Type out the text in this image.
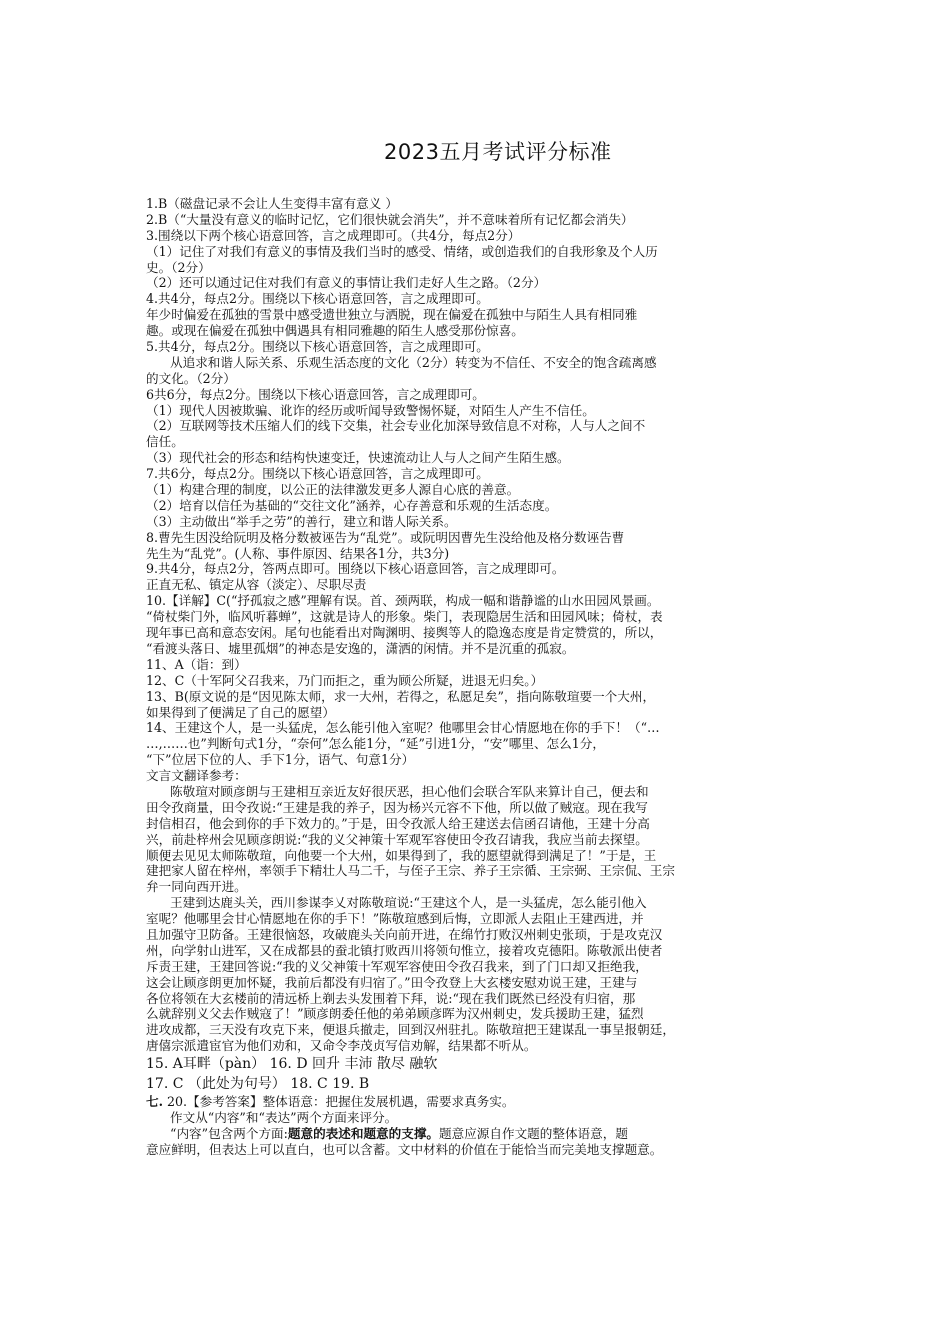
2023五月考试评分标准
1.B（磁盘记录不会让人生变得丰富有意义 ）
2.B（“大量没有意义的临时记忆，它们很快就会消失”，并不意味着所有记忆都会消失）
3.围绕以下两个核心语意回答，言之成理即可。（共4分，每点2分）
（1）记住了对我们有意义的事情及我们当时的感受、情绪，或创造我们的自我形象及个人历
史。（2分）
（2）还可以通过记住对我们有意义的事情让我们走好人生之路。（2分）
4.共4分，每点2分。围绕以下核心语意回答，言之成理即可。
年少时偏爱在孤独的雪景中感受遗世独立与洒脱，现在偏爱在孤独中与陌生人具有相同雅
趣。或现在偏爱在孤独中偶遇具有相同雅趣的陌生人感受那份惊喜。
5.共4分，每点2分。围绕以下核心语意回答，言之成理即可。
从追求和谐人际关系、乐观生活态度的文化（2分）转变为不信任、不安全的饱含疏离感
的文化。（2分）
6共6分，每点2分。围绕以下核心语意回答，言之成理即可。
（1）现代人因被欺骗、讹诈的经历或听闻导致警惕怀疑，对陌生人产生不信任。
（2）互联网等技术压缩人们的线下交集，社会专业化加深导致信息不对称，人与人之间不
信任。
（3）现代社会的形态和结构快速变迁，快速流动让人与人之间产生陌生感。
7.共6分，每点2分。围绕以下核心语意回答，言之成理即可。
（1）构建合理的制度，以公正的法律激发更多人源自心底的善意。
（2）培育以信任为基础的“交往文化”涵养，心存善意和乐观的生活态度。
（3）主动做出“举手之劳”的善行，建立和谐人际关系。
8.曹先生因没给阮明及格分数被诬告为“乱党”。或阮明因曹先生没给他及格分数诬告曹
先生为“乱党”。(人称、事件原因、结果各1分，共3分)
9.共4分，每点2分，答两点即可。围绕以下核心语意回答，言之成理即可。
正直无私、镇定从容（淡定）、尽职尽责
10.【详解】C(“抒孤寂之感”理解有误。首、颈两联，构成一幅和谐静谧的山水田园风景画。
“倚杖柴门外，临风听暮蝉”，这就是诗人的形象。柴门，表现隐居生活和田园风味；倚杖，表
现年事已高和意态安闲。尾句也能看出对陶渊明、接舆等人的隐逸态度是肯定赞赏的，所以，
“看渡头落日、墟里孤烟”的神态是安逸的，潇洒的闲情。并不是沉重的孤寂。
11、A（诣：到）
12、C（十军阿父召我来，乃门而拒之，重为顾公所疑，进退无归矣。）
13、B(原文说的是“因见陈太师，求一大州，若得之，私愿足矣”，指向陈敬瑄要一个大州，
如果得到了便满足了自己的愿望）
14、王建这个人，是一头猛虎，怎么能引他入室呢？他哪里会甘心情愿地在你的手下！（“…
…,……也”判断句式1分，“奈何”怎么能1分，“延”引进1分，“安”哪里、怎么1分，
“下”位居下位的人、手下1分，语气、句意1分）
文言文翻译参考：
陈敬瑄对顾彦朗与王建相互亲近友好很厌恶，担心他们会联合军队来算计自己，便去和
田令孜商量，田令孜说:“王建是我的养子，因为杨兴元容不下他，所以做了贼寇。现在我写
封信相召，他会到你的手下效力的。”于是，田令孜派人给王建送去信函召请他，王建十分高
兴，前赴梓州会见顾彦朗说:“我的义父神策十军观军容使田令孜召请我，我应当前去探望。
顺便去见见太师陈敬瑄，向他要一个大州，如果得到了，我的愿望就得到满足了！”于是，王
建把家人留在梓州，率领手下精壮人马二千，与侄子王宗、养子王宗循、王宗弼、王宗侃、王宗
弁一同向西开进。
王建到达鹿头关，西川参谋李乂对陈敬瑄说:“王建这个人，是一头猛虎，怎么能引他入
室呢？他哪里会甘心情愿地在你的手下！”陈敬瑄感到后悔，立即派人去阻止王建西进，并
且加强守卫防备。王建很恼怒，攻破鹿头关向前开进，在绵竹打败汉州刺史张顼，于是攻克汉
州，向学射山进军，又在成都县的蚕北镇打败西川将领句惟立，接着攻克德阳。陈敬派出使者
斥责王建，王建回答说:“我的义父神策十军观军容使田令孜召我来，到了门口却又拒绝我，
这会让顾彦朗更加怀疑，我前后都没有归宿了。”田令孜登上大玄楼安慰劝说王建，王建与
各位将领在大玄楼前的清远桥上剃去头发围着下拜，说:“现在我们既然已经没有归宿，那
么就辞别义父去作贼寇了！”顾彦朗委任他的弟弟顾彦晖为汉州刺史，发兵援助王建，猛烈
进攻成都，三天没有攻克下来，便退兵撤走，回到汉州驻扎。陈敬瑄把王建谋乱一事呈报朝廷，
唐僖宗派遣宦官为他们劝和，又命令李茂贞写信劝解，结果都不听从。
15. A耳畔（pàn） 16. D 回升 丰沛 散尽 融软
17. C （此处为句号） 18. C 19. B
七. 20.【参考答案】整体语意：把握住发展机遇，需要求真务实。
作文从“内容”和“表达”两个方面来评分。
“内容”包含两个方面:题意的表述和题意的支撑。题意应源自作文题的整体语意，题
意应鲜明，但表达上可以直白，也可以含蓄。文中材料的价值在于能恰当而完美地支撑题意。
